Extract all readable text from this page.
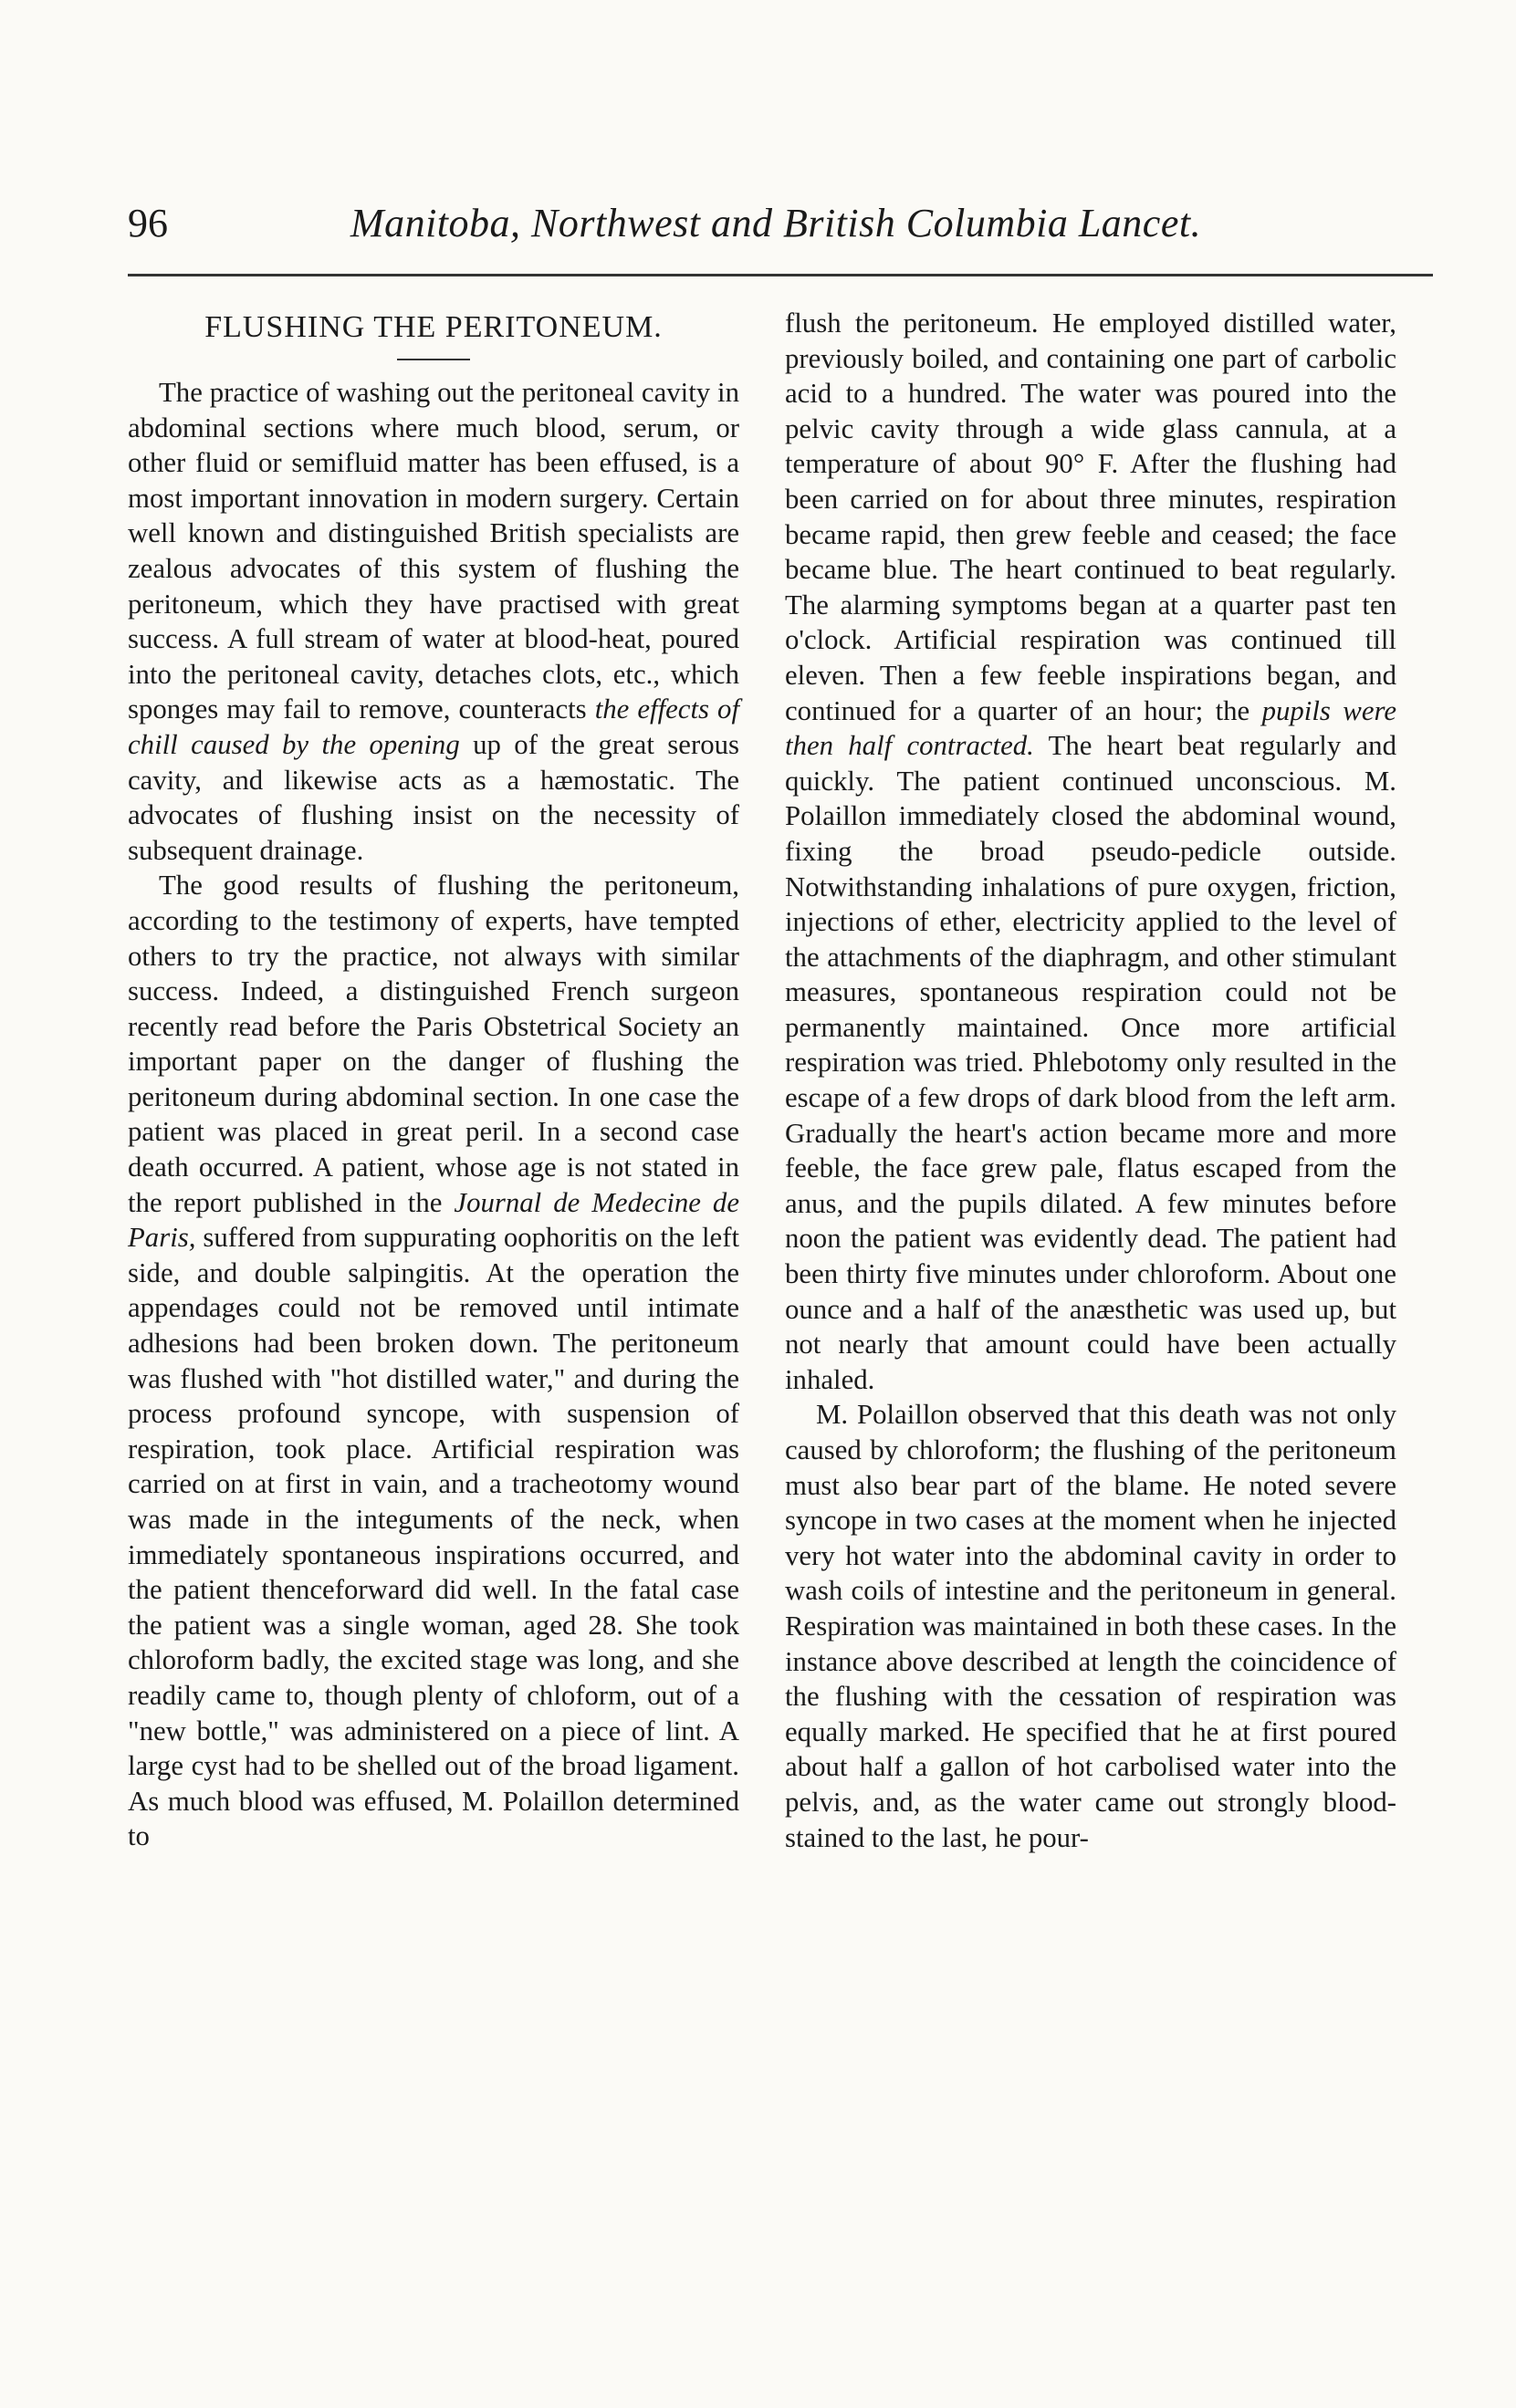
96	Manitoba, Northwest and British Columbia Lancet.
FLUSHING THE PERITONEUM.

The practice of washing out the peritoneal cavity in abdominal sections where much blood, serum, or other fluid or semifluid matter has been effused, is a most important innovation in modern surgery. Certain well known and distinguished British specialists are zealous advocates of this system of flushing the peritoneum, which they have practised with great success. A full stream of water at blood-heat, poured into the peritoneal cavity, detaches clots, etc., which sponges may fail to remove, counteracts the effects of chill caused by the opening up of the great serous cavity, and likewise acts as a hæmostatic. The advocates of flushing insist on the necessity of subsequent drainage.

The good results of flushing the peritoneum, according to the testimony of experts, have tempted others to try the practice, not always with similar success. Indeed, a distinguished French surgeon recently read before the Paris Obstetrical Society an important paper on the danger of flushing the peritoneum during abdominal section. In one case the patient was placed in great peril. In a second case death occurred. A patient, whose age is not stated in the report published in the Journal de Medecine de Paris, suffered from suppurating oophoritis on the left side, and double salpingitis. At the operation the appendages could not be removed until intimate adhesions had been broken down. The peritoneum was flushed with "hot distilled water," and during the process profound syncope, with suspension of respiration, took place. Artificial respiration was carried on at first in vain, and a tracheotomy wound was made in the integuments of the neck, when immediately spontaneous inspirations occurred, and the patient thenceforward did well. In the fatal case the patient was a single woman, aged 28. She took chloroform badly, the excited stage was long, and she readily came to, though plenty of chloform, out of a "new bottle," was administered on a piece of lint. A large cyst had to be shelled out of the broad ligament. As much blood was effused, M. Polaillon determined to

flush the peritoneum. He employed distilled water, previously boiled, and containing one part of carbolic acid to a hundred. The water was poured into the pelvic cavity through a wide glass cannula, at a temperature of about 90° F. After the flushing had been carried on for about three minutes, respiration became rapid, then grew feeble and ceased; the face became blue. The heart continued to beat regularly. The alarming symptoms began at a quarter past ten o'clock. Artificial respiration was continued till eleven. Then a few feeble inspirations began, and continued for a quarter of an hour; the pupils were then half contracted. The heart beat regularly and quickly. The patient continued unconscious. M. Polaillon immediately closed the abdominal wound, fixing the broad pseudo-pedicle outside. Notwithstanding inhalations of pure oxygen, friction, injections of ether, electricity applied to the level of the attachments of the diaphragm, and other stimulant measures, spontaneous respiration could not be permanently maintained. Once more artificial respiration was tried. Phlebotomy only resulted in the escape of a few drops of dark blood from the left arm. Gradually the heart's action became more and more feeble, the face grew pale, flatus escaped from the anus, and the pupils dilated. A few minutes before noon the patient was evidently dead. The patient had been thirty five minutes under chloroform. About one ounce and a half of the anæsthetic was used up, but not nearly that amount could have been actually inhaled.

M. Polaillon observed that this death was not only caused by chloroform; the flushing of the peritoneum must also bear part of the blame. He noted severe syncope in two cases at the moment when he injected very hot water into the abdominal cavity in order to wash coils of intestine and the peritoneum in general. Respiration was maintained in both these cases. In the instance above described at length the coincidence of the flushing with the cessation of respiration was equally marked. He specified that he at first poured about half a gallon of hot carbolised water into the pelvis, and, as the water came out strongly blood-stained to the last, he pour-
